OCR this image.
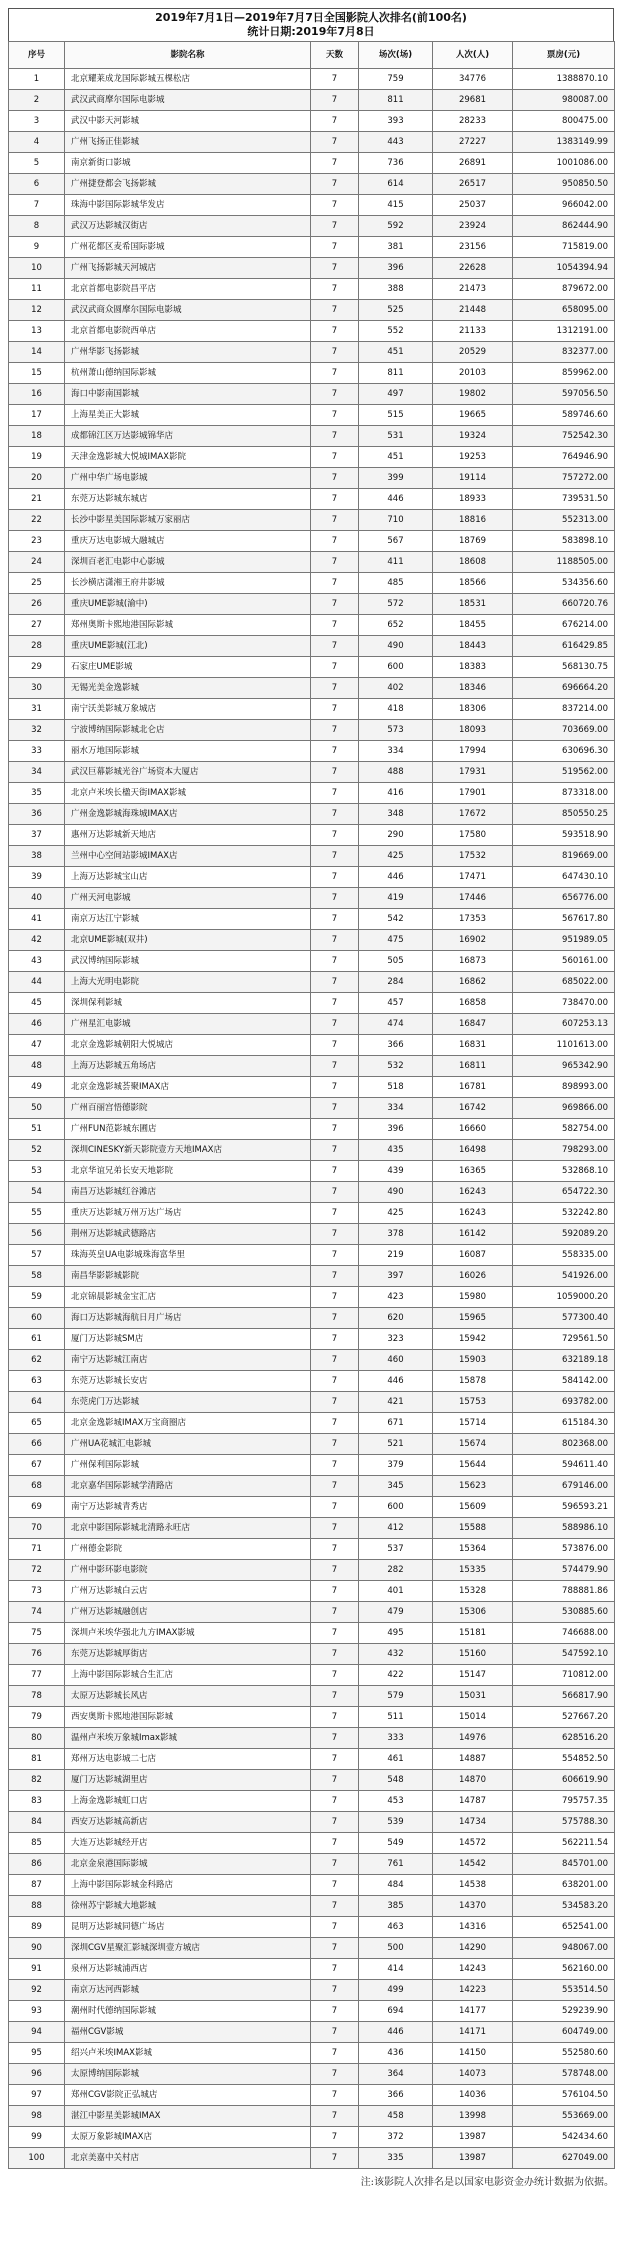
2019年7月1日—2019年7月7日全国影院人次排名(前100名)
统计日期:2019年7月8日
序号	影院名称	天数	场次(场)	人次(人)	票房(元)
1	北京耀莱成龙国际影城五棵松店	7	759	34776	1388870.10
2	武汉武商摩尔国际电影城	7	811	29681	980087.00
3	武汉中影天河影城	7	393	28233	800475.00
4	广州飞扬正佳影城	7	443	27227	1383149.99
5	南京新街口影城	7	736	26891	1001086.00
6	广州捷登都会飞扬影城	7	614	26517	950850.50
7	珠海中影国际影城华发店	7	415	25037	966042.00
8	武汉万达影城汉街店	7	592	23924	862444.90
9	广州花都区麦希国际影城	7	381	23156	715819.00
10	广州飞扬影城天河城店	7	396	22628	1054394.94
11	北京首都电影院昌平店	7	388	21473	879672.00
12	武汉武商众圆摩尔国际电影城	7	525	21448	658095.00
13	北京首都电影院西单店	7	552	21133	1312191.00
14	广州华影飞扬影城	7	451	20529	832377.00
15	杭州萧山德纳国际影城	7	811	20103	859962.00
16	海口中影南国影城	7	497	19802	597056.50
17	上海星美正大影城	7	515	19665	589746.60
18	成都锦江区万达影城锦华店	7	531	19324	752542.30
19	天津金逸影城大悦城IMAX影院	7	451	19253	764946.90
20	广州中华广场电影城	7	399	19114	757272.00
21	东莞万达影城东城店	7	446	18933	739531.50
22	长沙中影星美国际影城万家丽店	7	710	18816	552313.00
23	重庆万达电影城大融城店	7	567	18769	583898.10
24	深圳百老汇电影中心影城	7	411	18608	1188505.00
25	长沙横店潇湘王府井影城	7	485	18566	534356.60
26	重庆UME影城(渝中)	7	572	18531	660720.76
27	郑州奥斯卡熙地港国际影城	7	652	18455	676214.00
28	重庆UME影城(江北)	7	490	18443	616429.85
29	石家庄UME影城	7	600	18383	568130.75
30	无锡光美金逸影城	7	402	18346	696664.20
31	南宁沃美影城万象城店	7	418	18306	837214.00
32	宁波博纳国际影城北仑店	7	573	18093	703669.00
33	丽水万地国际影城	7	334	17994	630696.30
34	武汉巨幕影城光谷广场资本大厦店	7	488	17931	519562.00
35	北京卢米埃长楹天街IMAX影城	7	416	17901	873318.00
36	广州金逸影城海珠城IMAX店	7	348	17672	850550.25
37	惠州万达影城新天地店	7	290	17580	593518.90
38	兰州中心空间站影城IMAX店	7	425	17532	819669.00
39	上海万达影城宝山店	7	446	17471	647430.10
40	广州天河电影城	7	419	17446	656776.00
41	南京万达江宁影城	7	542	17353	567617.80
42	北京UME影城(双井)	7	475	16902	951989.05
43	武汉博纳国际影城	7	505	16873	560161.00
44	上海大光明电影院	7	284	16862	685022.00
45	深圳保利影城	7	457	16858	738470.00
46	广州星汇电影城	7	474	16847	607253.13
47	北京金逸影城朝阳大悦城店	7	366	16831	1101613.00
48	上海万达影城五角场店	7	532	16811	965342.90
49	北京金逸影城荟聚IMAX店	7	518	16781	898993.00
50	广州百丽宫悟德影院	7	334	16742	969866.00
51	广州FUN范影城东圃店	7	396	16660	582754.00
52	深圳CINESKY新天影院壹方天地IMAX店	7	435	16498	798293.00
53	北京华谊兄弟长安天地影院	7	439	16365	532868.10
54	南昌万达影城红谷滩店	7	490	16243	654722.30
55	重庆万达影城万州万达广场店	7	425	16243	532242.80
56	荆州万达影城武德路店	7	378	16142	592089.20
57	珠海英皇UA电影城珠海富华里	7	219	16087	558335.00
58	南昌华影影城影院	7	397	16026	541926.00
59	北京锦晨影城金宝汇店	7	423	15980	1059000.20
60	海口万达影城海航日月广场店	7	620	15965	577300.40
61	厦门万达影城SM店	7	323	15942	729561.50
62	南宁万达影城江南店	7	460	15903	632189.18
63	东莞万达影城长安店	7	446	15878	584142.00
64	东莞虎门万达影城	7	421	15753	693782.00
65	北京金逸影城IMAX万宝商圈店	7	671	15714	615184.30
66	广州UA花城汇电影城	7	521	15674	802368.00
67	广州保利国际影城	7	379	15644	594611.40
68	北京嘉华国际影城学清路店	7	345	15623	679146.00
69	南宁万达影城青秀店	7	600	15609	596593.21
70	北京中影国际影城北清路永旺店	7	412	15588	588986.10
71	广州德金影院	7	537	15364	573876.00
72	广州中影环影电影院	7	282	15335	574479.90
73	广州万达影城白云店	7	401	15328	788881.86
74	广州万达影城融创店	7	479	15306	530885.60
75	深圳卢米埃华强北九方IMAX影城	7	495	15181	746688.00
76	东莞万达影城厚街店	7	432	15160	547592.10
77	上海中影国际影城合生汇店	7	422	15147	710812.00
78	太原万达影城长风店	7	579	15031	566817.90
79	西安奥斯卡熙地港国际影城	7	511	15014	527667.20
80	温州卢米埃万象城Imax影城	7	333	14976	628516.20
81	郑州万达电影城二七店	7	461	14887	554852.50
82	厦门万达影城湖里店	7	548	14870	606619.90
83	上海金逸影城虹口店	7	453	14787	795757.35
84	西安万达影城高新店	7	539	14734	575788.30
85	大连万达影城经开店	7	549	14572	562211.54
86	北京金泉港国际影城	7	761	14542	845701.00
87	上海中影国际影城金科路店	7	484	14538	638201.00
88	徐州苏宁影城大地影城	7	385	14370	534583.20
89	昆明万达影城同德广场店	7	463	14316	652541.00
90	深圳CGV星聚汇影城深圳壹方城店	7	500	14290	948067.00
91	泉州万达影城浦西店	7	414	14243	562160.00
92	南京万达河西影城	7	499	14223	553514.50
93	潮州时代德纳国际影城	7	694	14177	529239.90
94	福州CGV影城	7	446	14171	604749.00
95	绍兴卢米埃IMAX影城	7	436	14150	552580.60
96	太原博纳国际影城	7	364	14073	578748.00
97	郑州CGV影院正弘城店	7	366	14036	576104.50
98	湛江中影星美影城IMAX	7	458	13998	553669.00
99	太原万象影城IMAX店	7	372	13987	542434.60
100	北京美嘉中关村店	7	335	13987	627049.00
注:该影院人次排名是以国家电影资金办统计数据为依据。
